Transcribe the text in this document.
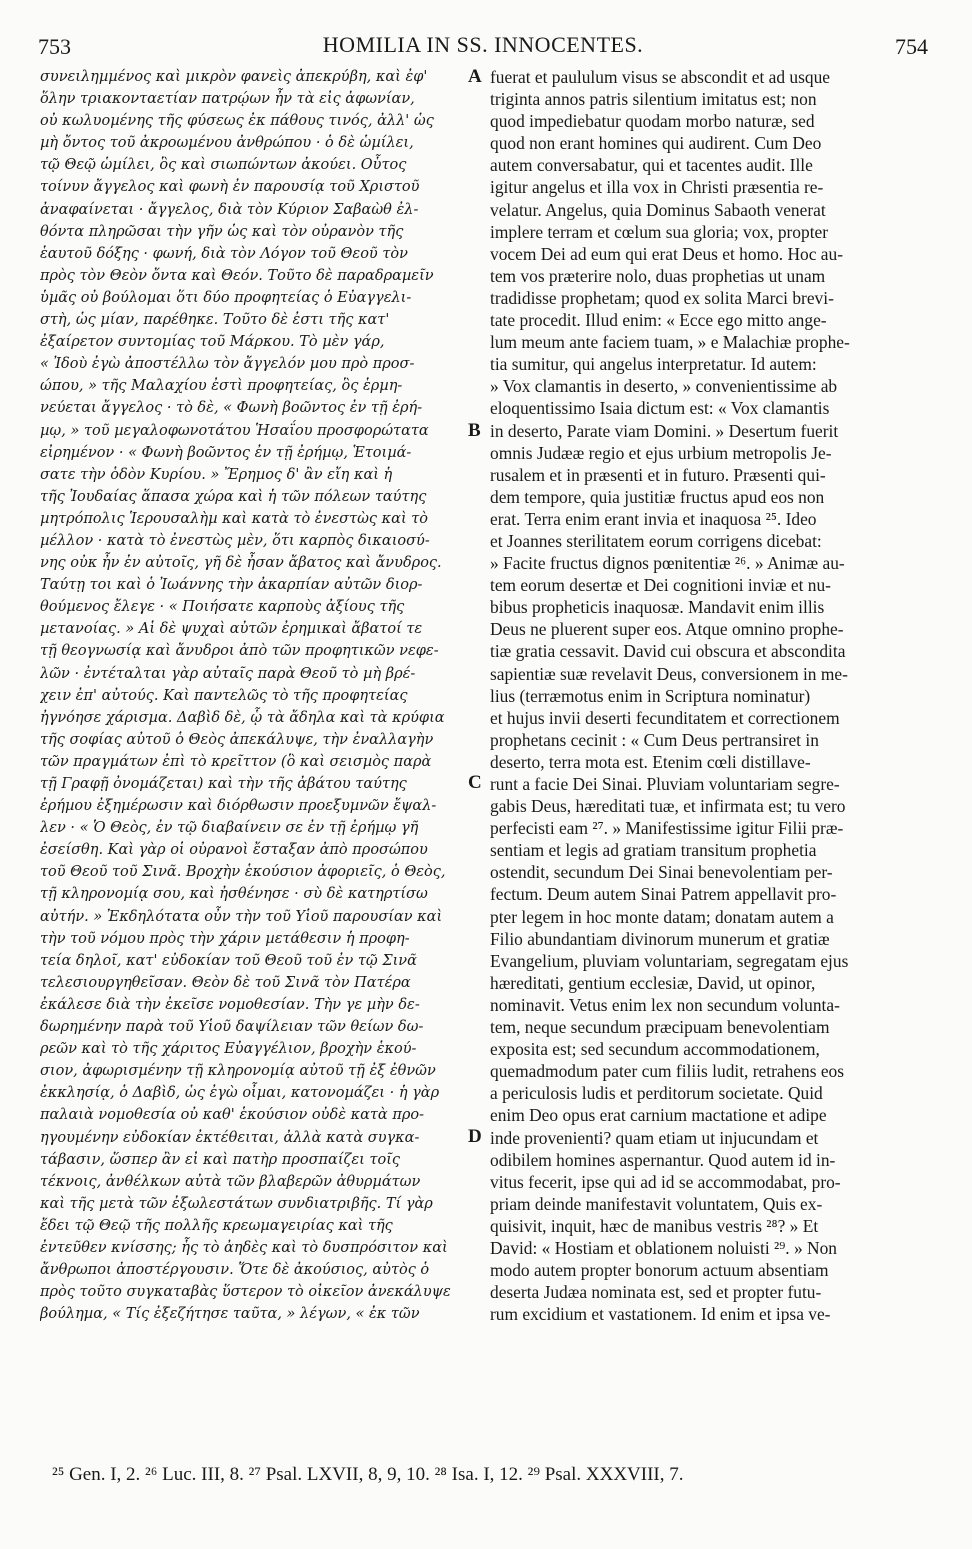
753	HOMILIA IN SS. INNOCENTES.	754
συνειληµµένος καὶ µικρὸν φανεὶς ἀπεκρύβη, καὶ ἐφ'
ὅλην τριακονταετίαν πατρῴων ἦν τὰ εἰς ἀφωνίαν,
οὐ κωλυοµένης τῆς φύσεως ἐκ πάθους τινός, ἀλλ' ὡς
µὴ ὄντος τοῦ ἀκροωµένου ἀνθρώπου · ὁ δὲ ὡµίλει,
τῷ Θεῷ ὡµίλει, ὃς καὶ σιωπώντων ἀκούει. Οὗτος
τοίνυν ἄγγελος καὶ φωνὴ ἐν παρουσίᾳ τοῦ Χριστοῦ
ἀναφαίνεται · ἄγγελος, διὰ τὸν Κύριον Σαβαὼθ ἐλ-
θόντα πληρῶσαι τὴν γῆν ὡς καὶ τὸν οὐρανὸν τῆς
ἑαυτοῦ δόξης · φωνή, διὰ τὸν Λόγον τοῦ Θεοῦ τὸν
πρὸς τὸν Θεὸν ὄντα καὶ Θεόν. Τοῦτο δὲ παραδραµεῖν
ὑµᾶς οὐ βούλοµαι ὅτι δύο προφητείας ὁ Εὐαγγελι-
στὴ, ὡς µίαν, παρέθηκε. Τοῦτο δὲ ἐστι τῆς κατ'
ἐξαίρετον συντοµίας τοῦ Μάρκου. Τὸ µὲν γάρ,
« Ἰδοὺ ἐγὼ ἀποστέλλω τὸν ἄγγελόν µου πρὸ προσ-
ώπου, » τῆς Μαλαχίου ἐστὶ προφητείας, ὃς ἑρµη-
νεύεται ἄγγελος · τὸ δὲ, « Φωνὴ βοῶντος ἐν τῇ ἐρή-
µῳ, » τοῦ µεγαλοφωνοτάτου Ἡσαΐου προσφορώτατα
εἰρηµένον · « Φωνὴ βοῶντος ἐν τῇ ἐρήµῳ, Ἑτοιµά-
σατε τὴν ὁδὸν Κυρίου. » Ἔρηµος δ' ἂν εἴη καὶ ἡ
τῆς Ἰουδαίας ἅπασα χώρα καὶ ἡ τῶν πόλεων ταύτης
µητρόπολις Ἱερουσαλὴµ καὶ κατὰ τὸ ἐνεστὼς καὶ τὸ
µέλλον · κατὰ τὸ ἐνεστὼς µὲν, ὅτι καρπὸς δικαιοσύ-
νης οὐκ ἦν ἐν αὐτοῖς, γῆ δὲ ἦσαν ἄβατος καὶ ἄνυδρος.
Ταύτῃ τοι καὶ ὁ Ἰωάννης τὴν ἀκαρπίαν αὐτῶν διορ-
θούµενος ἔλεγε · « Ποιήσατε καρποὺς ἀξίους τῆς
µετανοίας. » Αἱ δὲ ψυχαὶ αὐτῶν ἐρηµικαὶ ἄβατοί τε
τῇ θεογνωσίᾳ καὶ ἄνυδροι ἀπὸ τῶν προφητικῶν νεφε-
λῶν · ἐντέταλται γὰρ αὐταῖς παρὰ Θεοῦ τὸ µὴ βρέ-
χειν ἐπ' αὐτούς. Καὶ παντελῶς τὸ τῆς προφητείας
ἠγνόησε χάρισµα. Δαβὶδ δὲ, ᾧ τὰ ἄδηλα καὶ τὰ κρύφια
τῆς σοφίας αὐτοῦ ὁ Θεὸς ἀπεκάλυψε, τὴν ἐναλλαγὴν
τῶν πραγµάτων ἐπὶ τὸ κρεῖττον (ὃ καὶ σεισµὸς παρὰ
τῇ Γραφῇ ὀνοµάζεται) καὶ τὴν τῆς ἀβάτου ταύτης
ἐρήµου ἐξηµέρωσιν καὶ διόρθωσιν προεξυµνῶν ἔψαλ-
λεν · « Ὁ Θεὸς, ἐν τῷ διαβαίνειν σε ἐν τῇ ἐρήµῳ γῆ
ἐσείσθη. Καὶ γὰρ οἱ οὐρανοὶ ἔσταξαν ἀπὸ προσώπου
τοῦ Θεοῦ τοῦ Σινᾶ. Βροχὴν ἑκούσιον ἀφοριεῖς, ὁ Θεὸς,
τῇ κληρονοµίᾳ σου, καὶ ἠσθένησε · σὺ δὲ κατηρτίσω
αὐτήν. » Ἐκδηλότατα οὖν τὴν τοῦ Υἱοῦ παρουσίαν καὶ
τὴν τοῦ νόµου πρὸς τὴν χάριν µετάθεσιν ἡ προφη-
τεία δηλοῖ, κατ' εὐδοκίαν τοῦ Θεοῦ τοῦ ἐν τῷ Σινᾶ
τελεσιουργηθεῖσαν. Θεὸν δὲ τοῦ Σινᾶ τὸν Πατέρα
ἐκάλεσε διὰ τὴν ἐκεῖσε νοµοθεσίαν. Τὴν γε µὴν δε-
δωρηµένην παρὰ τοῦ Υἱοῦ δαψίλειαν τῶν θείων δω-
ρεῶν καὶ τὸ τῆς χάριτος Εὐαγγέλιον, βροχὴν ἑκού-
σιον, ἀφωρισµένην τῇ κληρονοµίᾳ αὐτοῦ τῇ ἐξ ἐθνῶν
ἐκκλησίᾳ, ὁ Δαβὶδ, ὡς ἐγὼ οἶµαι, κατονοµάζει · ἡ γὰρ
παλαιὰ νοµοθεσία οὐ καθ' ἑκούσιον οὐδὲ κατὰ προ-
ηγουµένην εὐδοκίαν ἐκτέθειται, ἀλλὰ κατὰ συγκα-
τάβασιν, ὥσπερ ἂν εἰ καὶ πατὴρ προσπαίζει τοῖς
τέκνοις, ἀνθέλκων αὐτὰ τῶν βλαβερῶν ἀθυρµάτων
καὶ τῆς µετὰ τῶν ἐξωλεστάτων συνδιατριβῆς. Τί γὰρ
ἔδει τῷ Θεῷ τῆς πολλῆς κρεωµαγειρίας καὶ τῆς
ἐντεῦθεν κνίσσης; ἧς τὸ ἀηδὲς καὶ τὸ δυσπρόσιτον καὶ
ἄνθρωποι ἀποστέργουσιν. Ὅτε δὲ ἀκούσιος, αὐτὸς ὁ
πρὸς τοῦτο συγκαταβὰς ὕστερον τὸ οἰκεῖον ἀνεκάλυψε
βούληµα, « Τίς ἐξεζήτησε ταῦτα, » λέγων, « ἐκ τῶν
fuerat et paululum visus se abscondit et ad usque
triginta annos patris silentium imitatus est; non
quod impediebatur quodam morbo naturæ, sed
quod non erant homines qui audirent. Cum Deo
autem conversabatur, qui et tacentes audit. Ille
igitur angelus et illa vox in Christi præsentia re-
velatur. Angelus, quia Dominus Sabaoth venerat
implere terram et cœlum sua gloria; vox, propter
vocem Dei ad eum qui erat Deus et homo. Hoc au-
tem vos præterire nolo, duas prophetias ut unam
tradidisse prophetam; quod ex solita Marci brevi-
tate procedit. Illud enim: « Ecce ego mitto ange-
lum meum ante faciem tuam, » e Malachiæ prophe-
tia sumitur, qui angelus interpretatur. Id autem:
» Vox clamantis in deserto, » convenientissime ab
eloquentissimo Isaia dictum est: « Vox clamantis
in deserto, Parate viam Domini. » Desertum fuerit
omnis Judææ regio et ejus urbium metropolis Je-
rusalem et in præsenti et in futuro. Præsenti qui-
dem tempore, quia justitiæ fructus apud eos non
erat. Terra enim erant invia et inaquosa ²⁵. Ideo
et Joannes sterilitatem eorum corrigens dicebat:
» Facite fructus dignos pœnitentiæ ²⁶. » Animæ au-
tem eorum desertæ et Dei cognitioni inviæ et nu-
bibus propheticis inaquosæ. Mandavit enim illis
Deus ne pluerent super eos. Atque omnino prophe-
tiæ gratia cessavit. David cui obscura et abscondita
sapientiæ suæ revelavit Deus, conversionem in me-
lius (terræmotus enim in Scriptura nominatur)
et hujus invii deserti fecunditatem et correctionem
prophetans cecinit : « Cum Deus pertransiret in
deserto, terra mota est. Etenim cœli distillave-
runt a facie Dei Sinai. Pluviam voluntariam segre-
gabis Deus, hæreditati tuæ, et infirmata est; tu vero
perfecisti eam ²⁷. » Manifestissime igitur Filii præ-
sentiam et legis ad gratiam transitum prophetia
ostendit, secundum Dei Sinai benevolentiam per-
fectum. Deum autem Sinai Patrem appellavit pro-
pter legem in hoc monte datam; donatam autem a
Filio abundantiam divinorum munerum et gratiæ
Evangelium, pluviam voluntariam, segregatam ejus
hæreditati, gentium ecclesiæ, David, ut opinor,
nominavit. Vetus enim lex non secundum volunta-
tem, neque secundum præcipuam benevolentiam
exposita est; sed secundum accommodationem,
quemadmodum pater cum filiis ludit, retrahens eos
a periculosis ludis et perditorum societate. Quid
enim Deo opus erat carnium mactatione et adipe
inde provenienti? quam etiam ut injucundam et
odibilem homines aspernantur. Quod autem id in-
vitus fecerit, ipse qui ad id se accommodabat, pro-
priam deinde manifestavit voluntatem, Quis ex-
quisivit, inquit, hæc de manibus vestris ²⁸? » Et
David: « Hostiam et oblationem noluisti ²⁹. » Non
modo autem propter bonorum actuum absentiam
deserta Judæa nominata est, sed et propter futu-
rum excidium et vastationem. Id enim et ipsa ve-
A
B
C
D
²⁵ Gen. I, 2. ²⁶ Luc. III, 8. ²⁷ Psal. LXVII, 8, 9, 10. ²⁸ Isa. I, 12. ²⁹ Psal. XXXVIII, 7.
